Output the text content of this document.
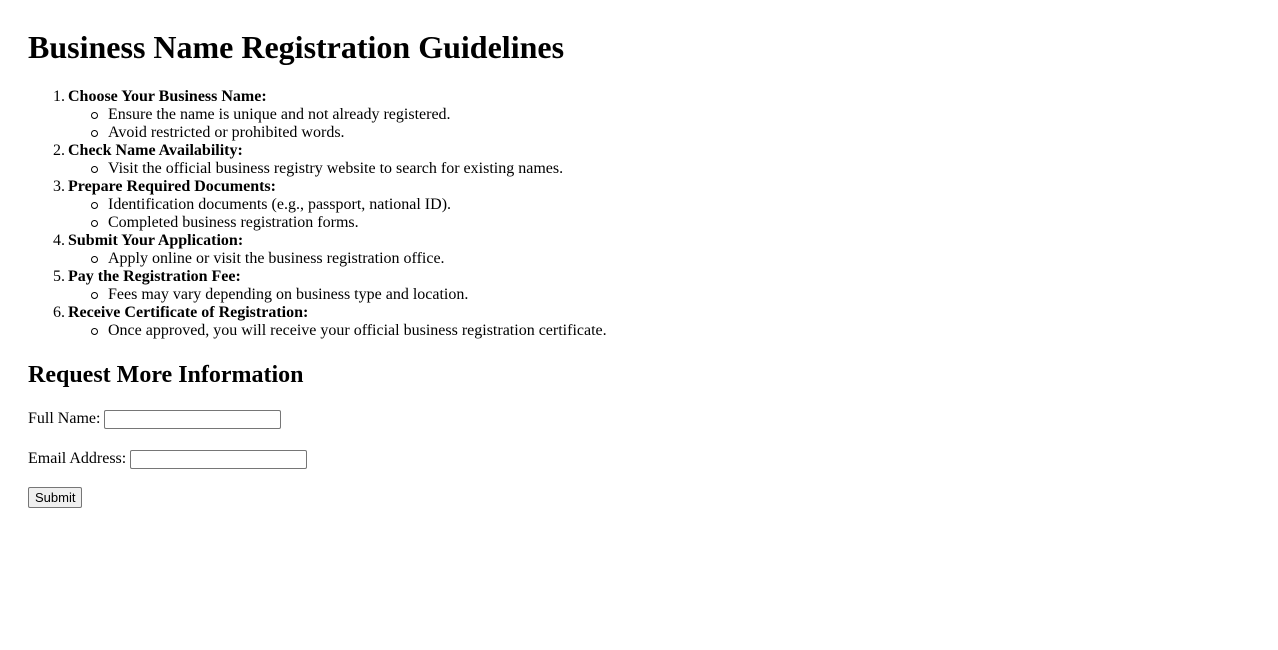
Business Name Registration Guidelines
1. Choose Your Business Name:
Ensure the name is unique and not already registered.
Avoid restricted or prohibited words.
2. Check Name Availability:
Visit the official business registry website to search for existing names.
3. Prepare Required Documents:
Identification documents (e.g., passport, national ID).
Completed business registration forms.
4. Submit Your Application:
Apply online or visit the business registration office.
5. Pay the Registration Fee:
Fees may vary depending on business type and location.
6. Receive Certificate of Registration:
Once approved, you will receive your official business registration certificate.
Request More Information
Full Name:
Email Address:
Submit
